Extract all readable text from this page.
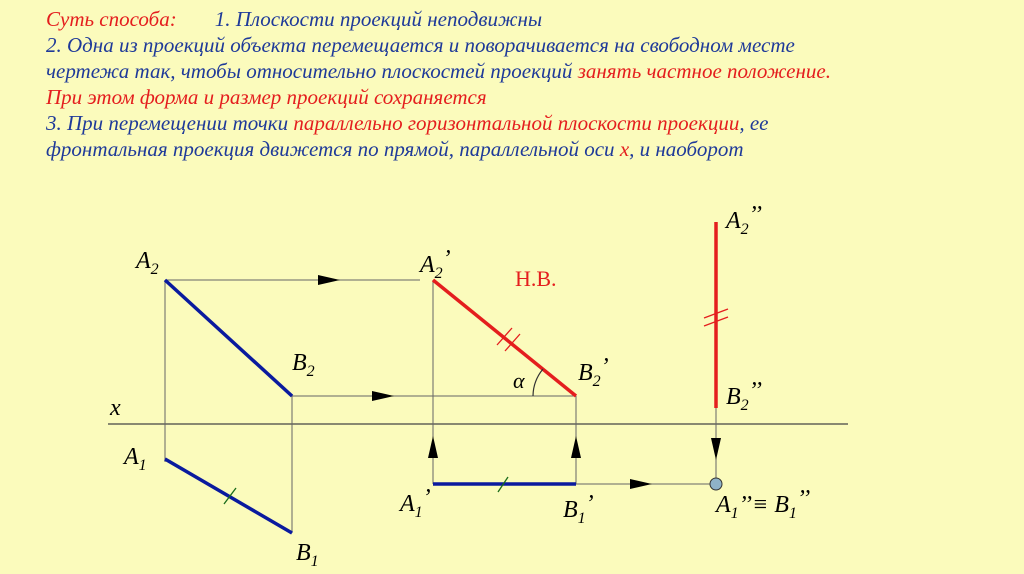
Суть способа: 1. Плоскости проекций неподвижны
2. Одна из проекций объекта перемещается и поворачивается на свободном месте
чертежа так, чтобы относительно плоскостей проекций занять частное положение.
При этом форма и размер проекций сохраняется
3. При перемещении точки параллельно горизонтальной плоскости проекции, ее
фронтальная проекция движется по прямой, параллельной оси x, и наоборот
α
x
Н.В.
$A_2$
$B_2$
$A_1$
$B_1$
$A_2$’
$B_2$’
$A_1$’	$B_1$’
$A_2$’’
$B_2$’’
$A_1’’\equiv B_1$’’
